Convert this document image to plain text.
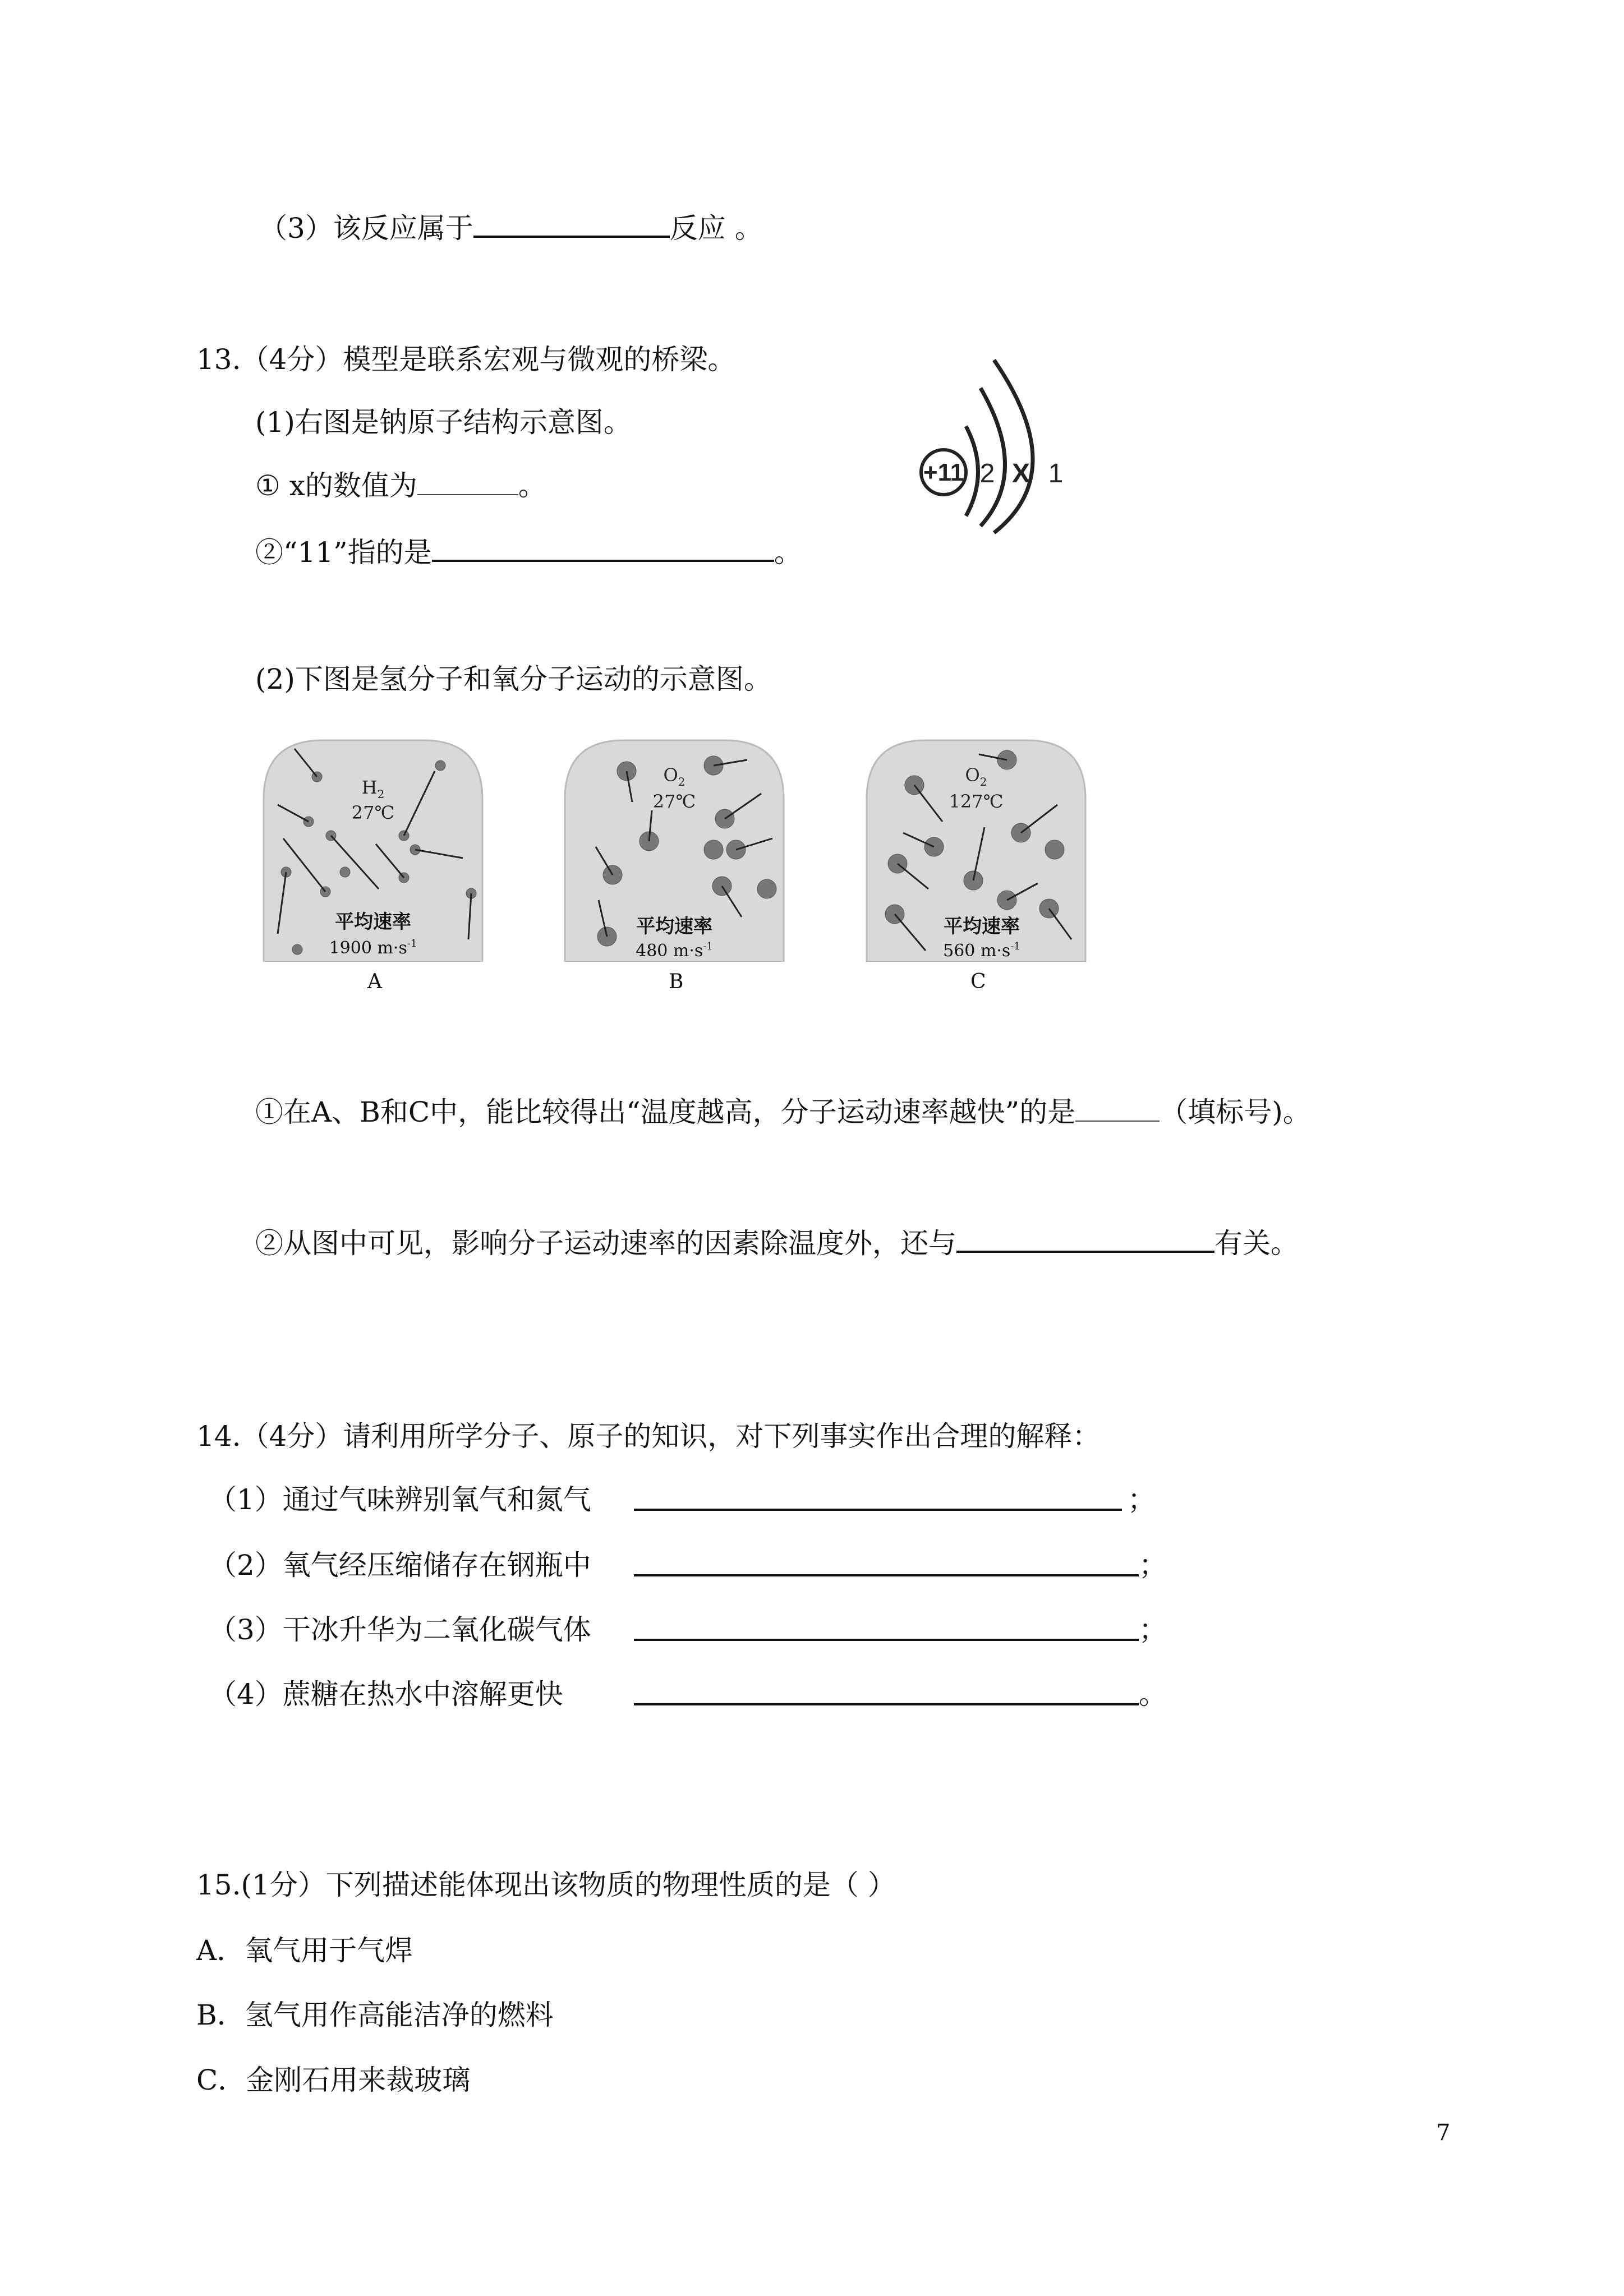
（3）该反应属于	反应 。
13.（4分）模型是联系宏观与微观的桥梁。
(1)右图是钠原子结构示意图。
① x的数值为	。
②“11”指的是	。
+11 2 X 1
(2)下图是氢分子和氧分子运动的示意图。
$H_2$
27℃
平均速率
1900 $m\cdot s^{-1}$
A
$O_2$
27℃
平均速率
480 $m\cdot s^{-1}$
B
$O_2$
127℃
平均速率
560 $m\cdot s^{-1}$
C
①在A、B和C中，能比较得出“温度越高，分子运动速率越快”的是	（填标号)。
②从图中可见，影响分子运动速率的因素除温度外，还与	有关。
14.（4分）请利用所学分子、原子的知识，对下列事实作出合理的解释：
（1）通过气味辨别氧气和氮气	；
（2）氧气经压缩储存在钢瓶中	；
（3）干冰升华为二氧化碳气体	；
（4）蔗糖在热水中溶解更快	。
15.(1分）下列描述能体现出该物质的物理性质的是（ ）
A．氧气用于气焊
B．氢气用作高能洁净的燃料
C．金刚石用来裁玻璃
7
